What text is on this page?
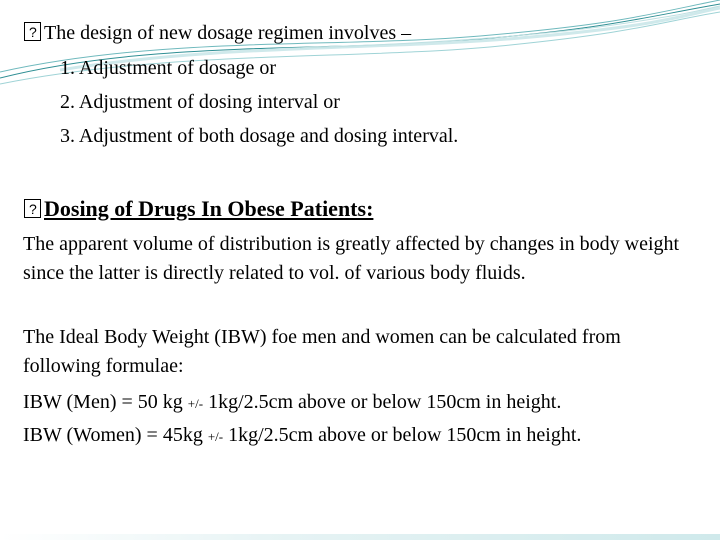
?The design of new dosage regimen involves –
1. Adjustment of dosage or
2. Adjustment of dosing interval or
3. Adjustment of both dosage and dosing interval.
?Dosing of Drugs In Obese Patients:
The apparent volume of distribution is greatly affected by changes in body weight since the latter is directly related to vol. of various body fluids.
The Ideal Body Weight (IBW) foe men and women can be calculated from following formulae:
IBW (Men) = 50 kg +/- 1kg/2.5cm above or below 150cm in height.
IBW (Women) = 45kg +/- 1kg/2.5cm above or below 150cm in height.
